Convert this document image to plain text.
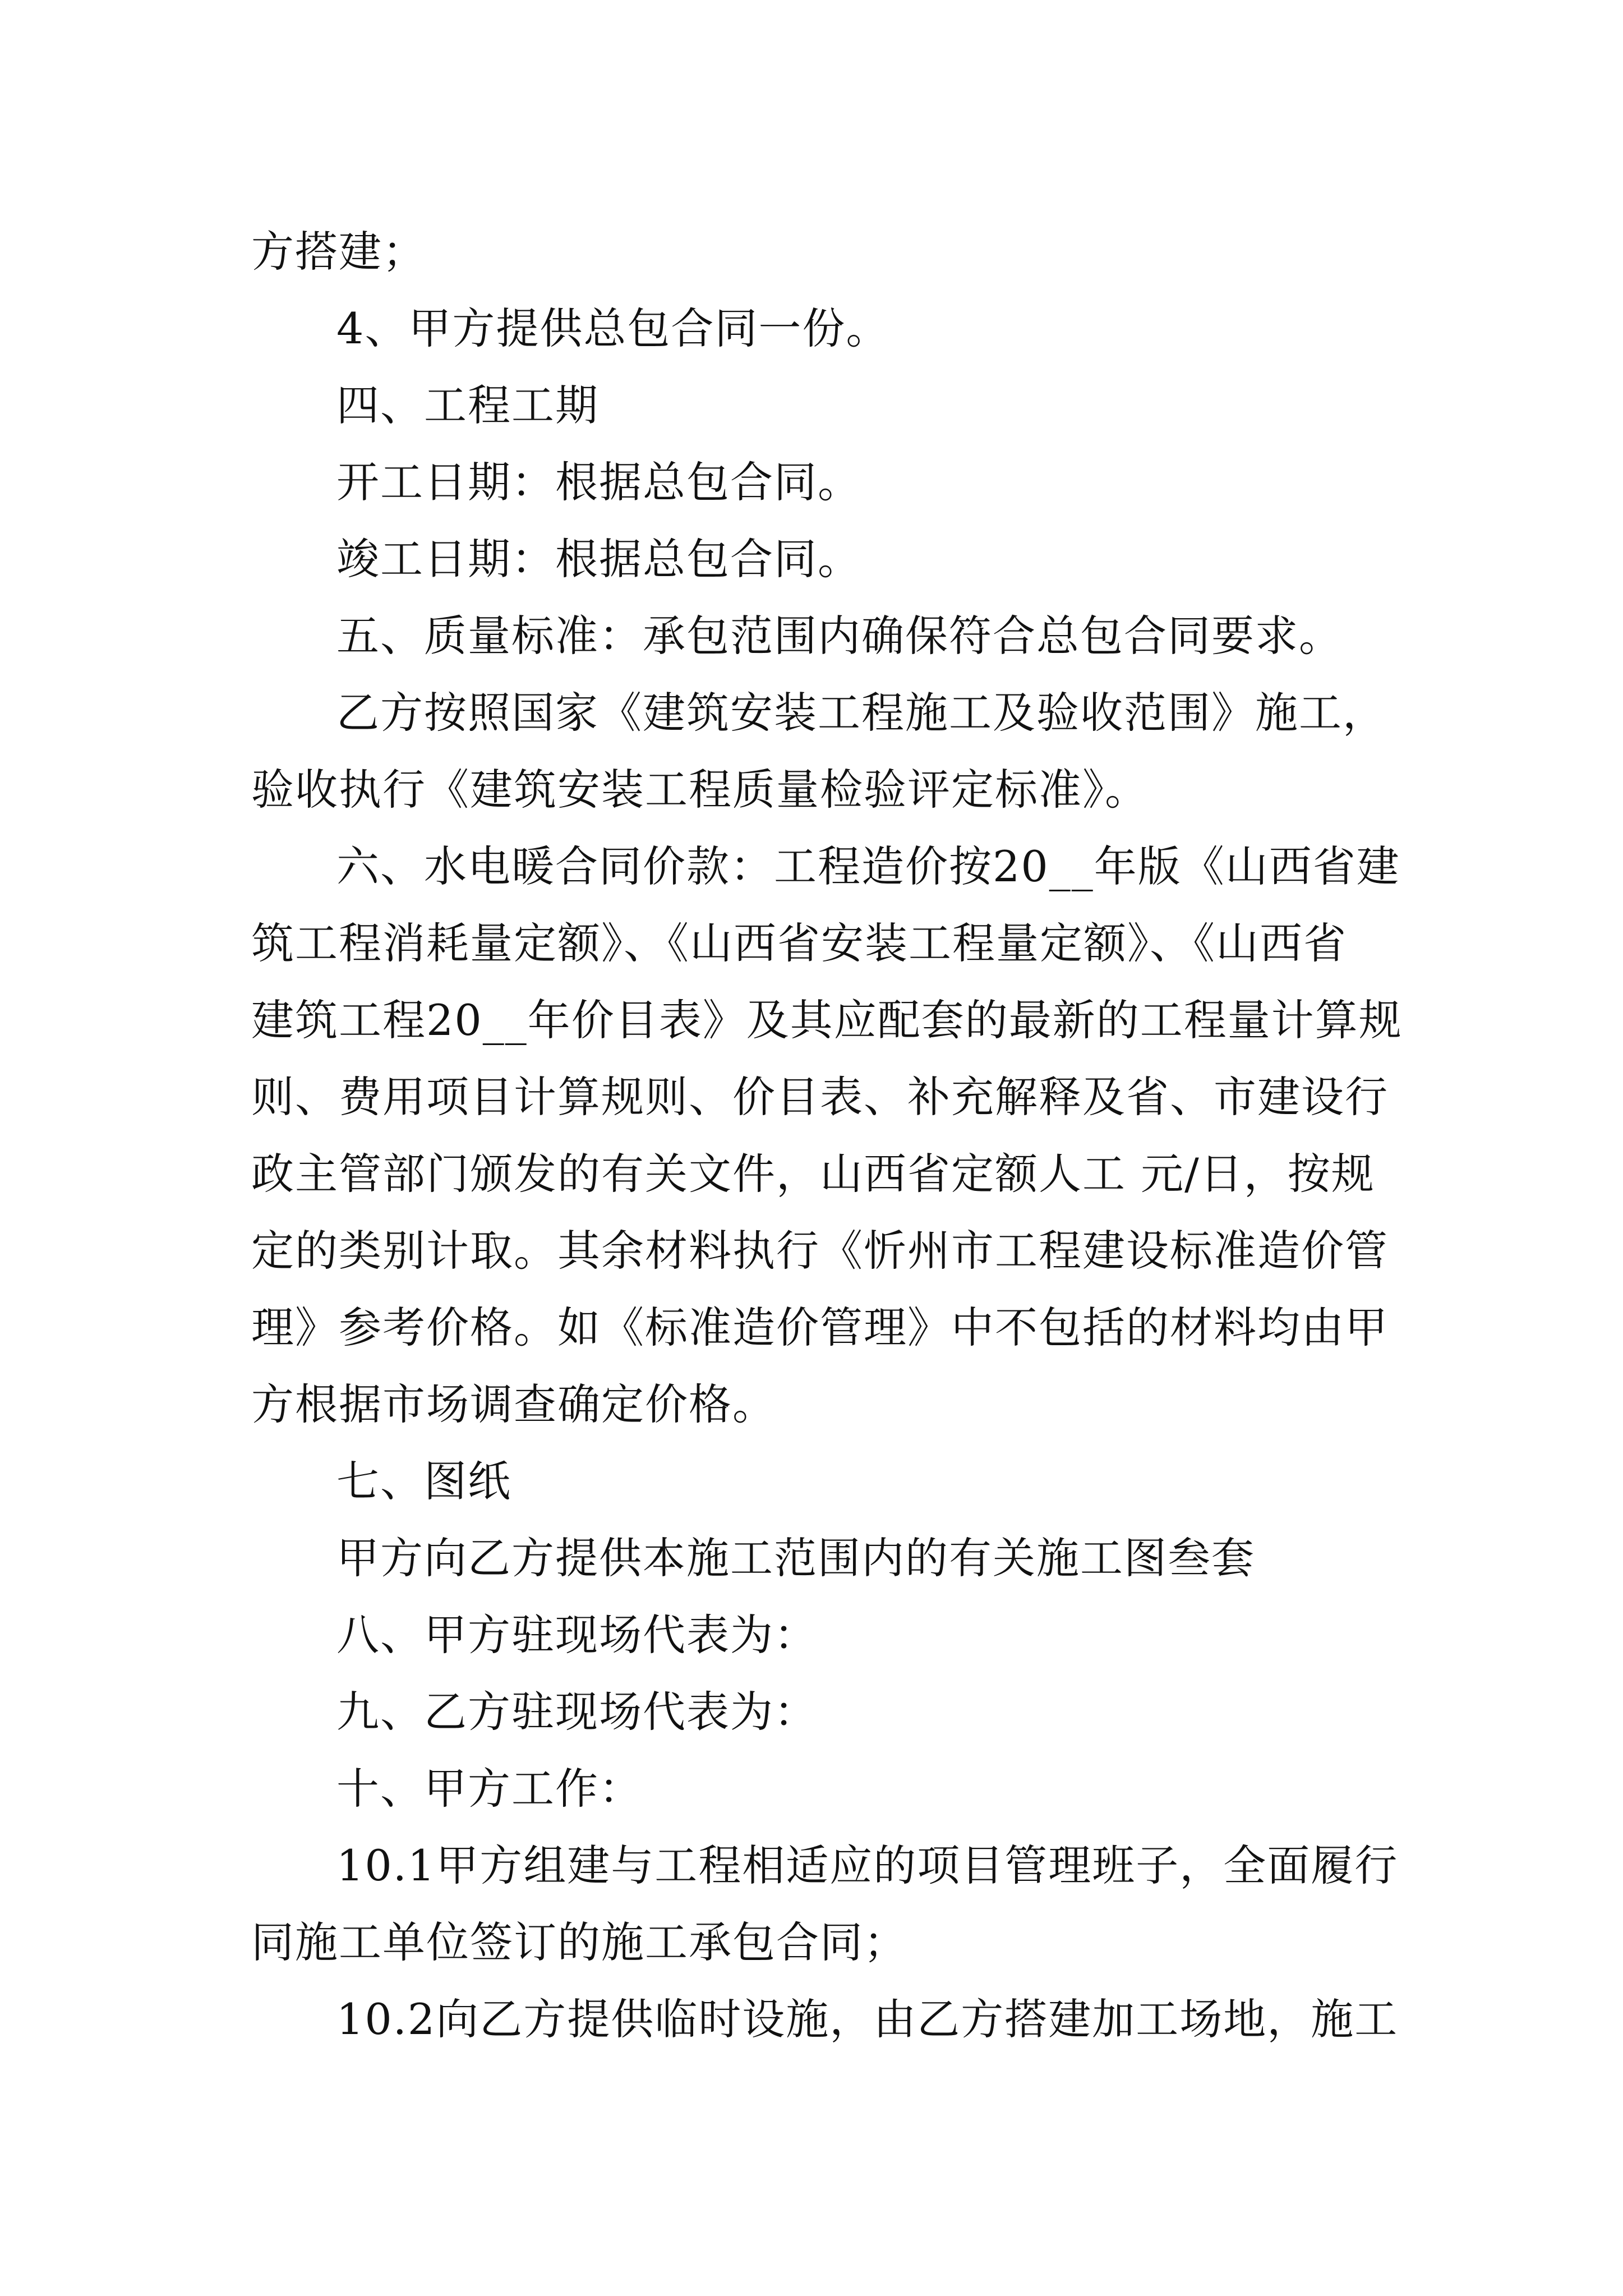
方搭建；
4、甲方提供总包合同一份。
四、工程工期
开工日期：根据总包合同。
竣工日期：根据总包合同。
五、质量标准：承包范围内确保符合总包合同要求。
乙方按照国家《建筑安装工程施工及验收范围》施工，
验收执行《建筑安装工程质量检验评定标准》。
六、水电暖合同价款：工程造价按20__年版《山西省建
筑工程消耗量定额》、《山西省安装工程量定额》、《山西省
建筑工程20__年价目表》及其应配套的最新的工程量计算规
则、费用项目计算规则、价目表、补充解释及省、市建设行
政主管部门颁发的有关文件，山西省定额人工 元/日，按规
定的类别计取。其余材料执行《忻州市工程建设标准造价管
理》参考价格。如《标准造价管理》中不包括的材料均由甲
方根据市场调查确定价格。
七、图纸
甲方向乙方提供本施工范围内的有关施工图叁套
八、甲方驻现场代表为：
九、乙方驻现场代表为：
十、甲方工作：
10.1甲方组建与工程相适应的项目管理班子，全面履行
同施工单位签订的施工承包合同；
10.2向乙方提供临时设施，由乙方搭建加工场地，施工
